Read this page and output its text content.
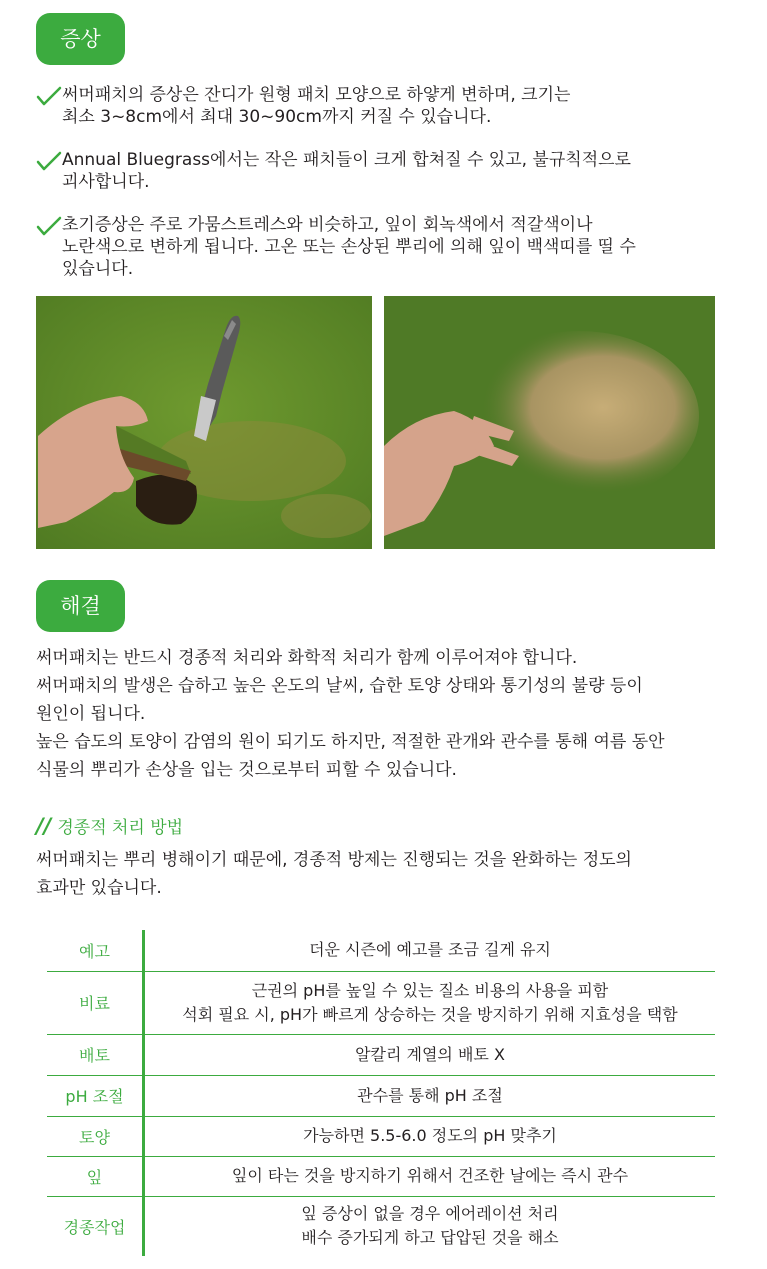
증상
써머패치의 증상은 잔디가 원형 패치 모양으로 하얗게 변하며, 크기는
최소 3~8cm에서 최대 30~90cm까지 커질 수 있습니다.
Annual Bluegrass에서는 작은 패치들이 크게 합쳐질 수 있고, 불규칙적으로
괴사합니다.
초기증상은 주로 가뭄스트레스와 비슷하고, 잎이 회녹색에서 적갈색이나
노란색으로 변하게 됩니다. 고온 또는 손상된 뿌리에 의해 잎이 백색띠를 띨 수
있습니다.
해결
써머패치는 반드시 경종적 처리와 화학적 처리가 함께 이루어져야 합니다.
써머패치의 발생은 습하고 높은 온도의 날씨, 습한 토양 상태와 통기성의 불량 등이
원인이 됩니다.
높은 습도의 토양이 감염의 원이 되기도 하지만, 적절한 관개와 관수를 통해 여름 동안
식물의 뿌리가 손상을 입는 것으로부터 피할 수 있습니다.
// 경종적 처리 방법
써머패치는 뿌리 병해이기 때문에, 경종적 방제는 진행되는 것을 완화하는 정도의
효과만 있습니다.
예고	더운 시즌에 예고를 조금 길게 유지
비료	근권의 pH를 높일 수 있는 질소 비용의 사용을 피함
석회 필요 시, pH가 빠르게 상승하는 것을 방지하기 위해 지효성을 택함
배토	알칼리 계열의 배토 X
pH 조절	관수를 통해 pH 조절
토양	가능하면 5.5-6.0 정도의 pH 맞추기
잎	잎이 타는 것을 방지하기 위해서 건조한 날에는 즉시 관수
경종작업	잎 증상이 없을 경우 에어레이션 처리
배수 증가되게 하고 답압된 것을 해소
